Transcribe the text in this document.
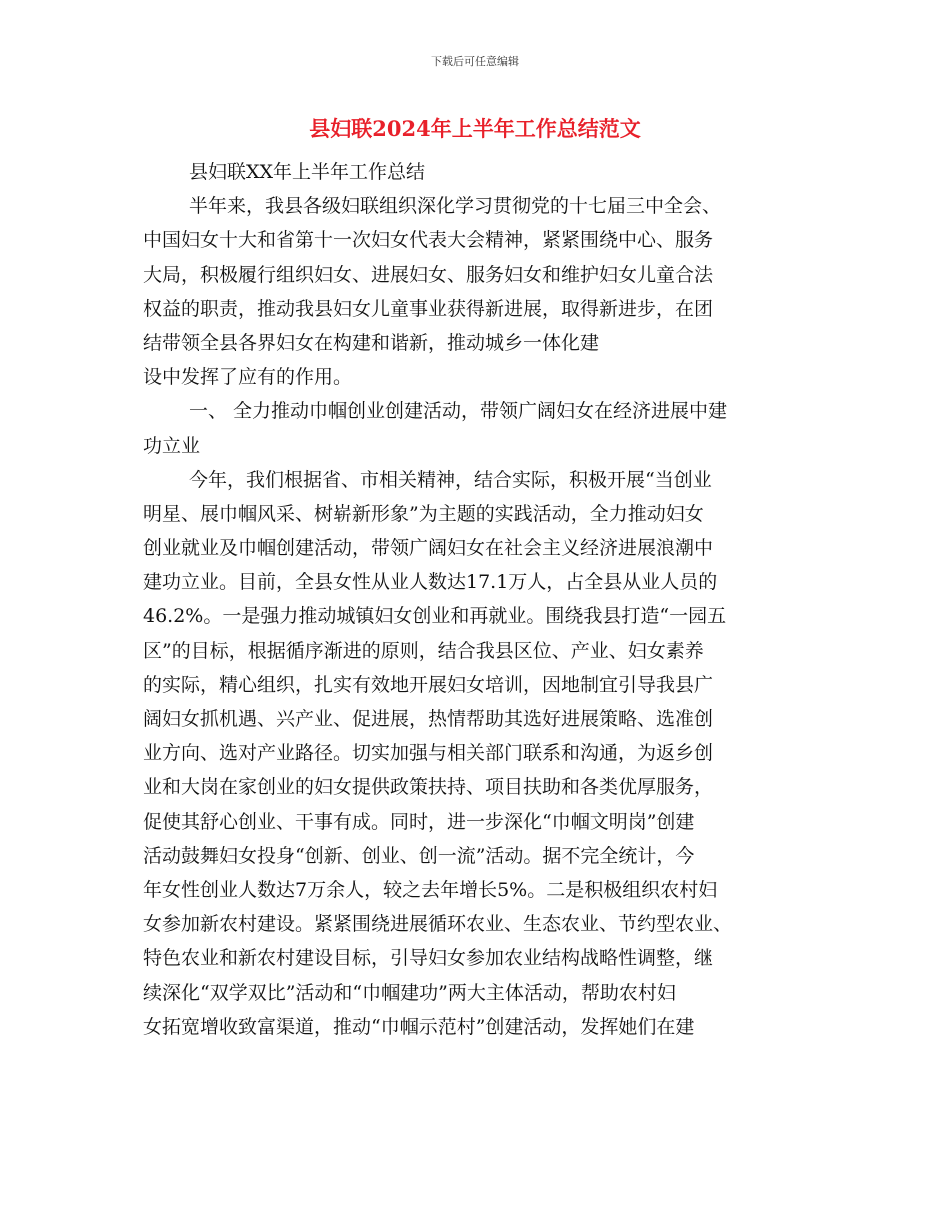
下载后可任意编辑
县妇联2024年上半年工作总结范文
县妇联XX年上半年工作总结
半年来，我县各级妇联组织深化学习贯彻党的十七届三中全会、
中国妇女十大和省第十一次妇女代表大会精神，紧紧围绕中心、服务
大局，积极履行组织妇女、进展妇女、服务妇女和维护妇女儿童合法
权益的职责，推动我县妇女儿童事业获得新进展，取得新进步，在团
结带领全县各界妇女在构建和谐新，推动城乡一体化建
设中发挥了应有的作用。
一、 全力推动巾帼创业创建活动，带领广阔妇女在经济进展中建
功立业
今年，我们根据省、市相关精神，结合实际，积极开展“当创业
明星、展巾帼风采、树崭新形象”为主题的实践活动，全力推动妇女
创业就业及巾帼创建活动，带领广阔妇女在社会主义经济进展浪潮中
建功立业。目前，全县女性从业人数达17.1万人，占全县从业人员的
46.2%。一是强力推动城镇妇女创业和再就业。围绕我县打造“一园五
区”的目标，根据循序渐进的原则，结合我县区位、产业、妇女素养
的实际，精心组织，扎实有效地开展妇女培训，因地制宜引导我县广
阔妇女抓机遇、兴产业、促进展，热情帮助其选好进展策略、选准创
业方向、选对产业路径。切实加强与相关部门联系和沟通，为返乡创
业和大岗在家创业的妇女提供政策扶持、项目扶助和各类优厚服务，
促使其舒心创业、干事有成。同时，进一步深化“巾帼文明岗”创建
活动鼓舞妇女投身“创新、创业、创一流”活动。据不完全统计，今
年女性创业人数达7万余人，较之去年增长5%。二是积极组织农村妇
女参加新农村建设。紧紧围绕进展循环农业、生态农业、节约型农业、
特色农业和新农村建设目标，引导妇女参加农业结构战略性调整，继
续深化“双学双比”活动和“巾帼建功”两大主体活动，帮助农村妇
女拓宽增收致富渠道，推动“巾帼示范村”创建活动，发挥她们在建
